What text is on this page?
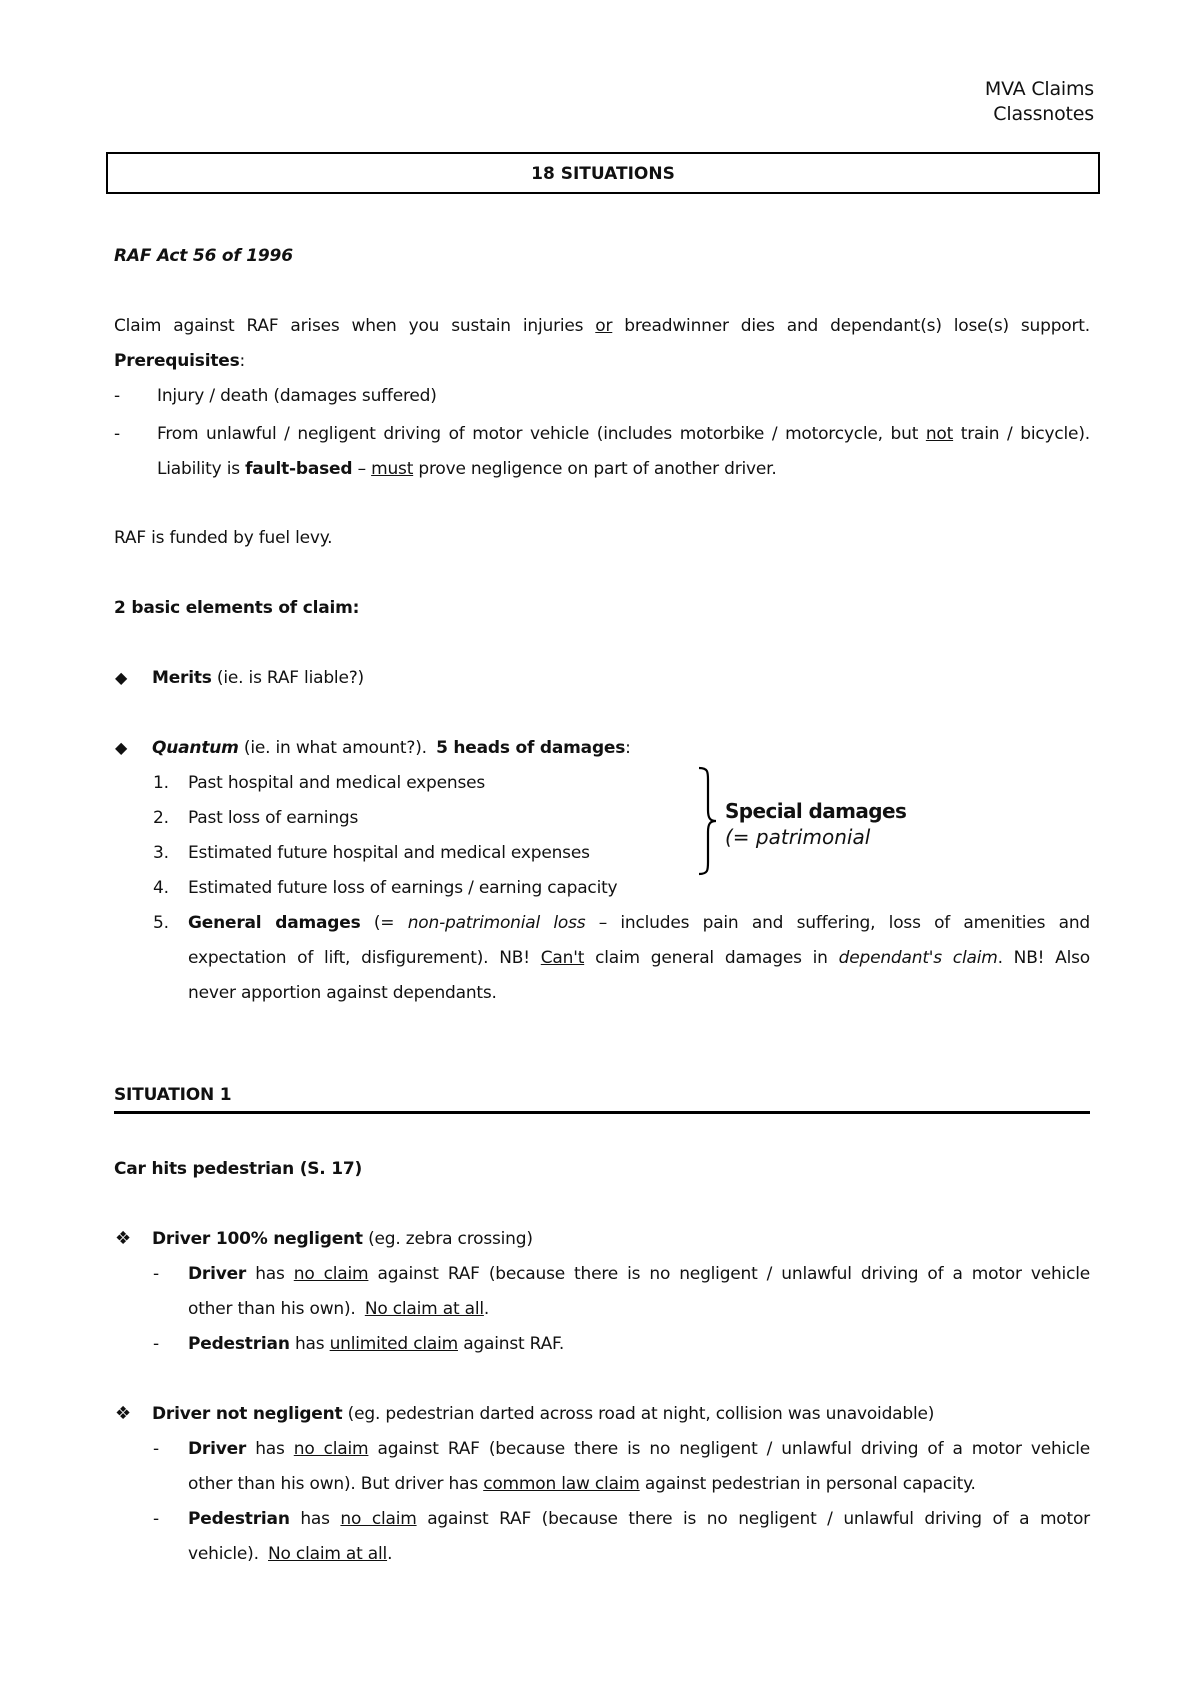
MVA Claims
Classnotes
18 SITUATIONS
RAF Act 56 of 1996
Claim against RAF arises when you sustain injuries or breadwinner dies and dependant(s) lose(s) support.
Prerequisites:
- Injury / death (damages suffered)
- From unlawful / negligent driving of motor vehicle (includes motorbike / motorcycle, but not train / bicycle).
Liability is fault-based – must prove negligence on part of another driver.
RAF is funded by fuel levy.
2 basic elements of claim:
◆ Merits (ie. is RAF liable?)
◆ Quantum (ie. in what amount?). 5 heads of damages:
1. Past hospital and medical expenses
2. Past loss of earnings
3. Estimated future hospital and medical expenses
4. Estimated future loss of earnings / earning capacity
5. General damages (= non-patrimonial loss – includes pain and suffering, loss of amenities and
expectation of lift, disfigurement). NB! Can't claim general damages in dependant's claim. NB! Also
never apportion against dependants.
Special damages
(= patrimonial
SITUATION 1
Car hits pedestrian (S. 17)
❖ Driver 100% negligent (eg. zebra crossing)
- Driver has no claim against RAF (because there is no negligent / unlawful driving of a motor vehicle
other than his own). No claim at all.
- Pedestrian has unlimited claim against RAF.
❖ Driver not negligent (eg. pedestrian darted across road at night, collision was unavoidable)
- Driver has no claim against RAF (because there is no negligent / unlawful driving of a motor vehicle
other than his own). But driver has common law claim against pedestrian in personal capacity.
- Pedestrian has no claim against RAF (because there is no negligent / unlawful driving of a motor
vehicle). No claim at all.
